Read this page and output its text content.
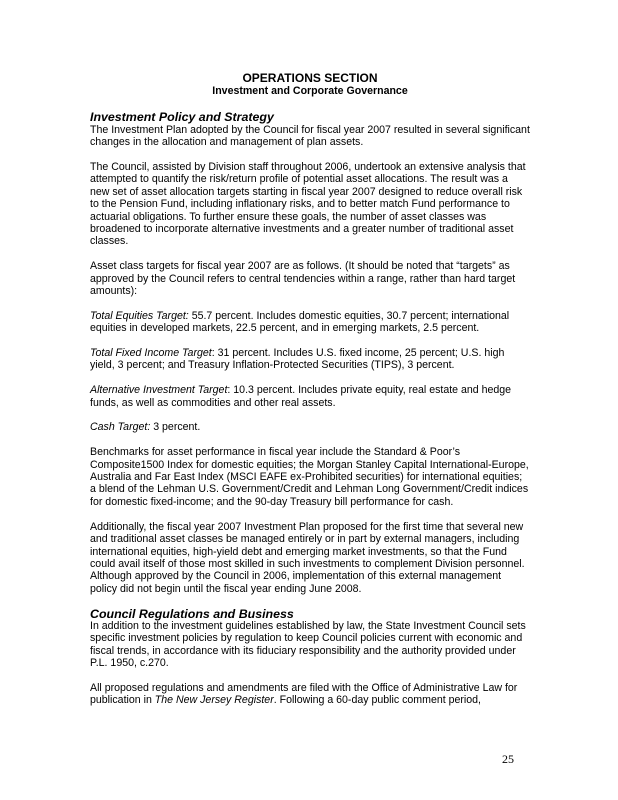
OPERATIONS SECTION
Investment and Corporate Governance
Investment Policy and Strategy

The Investment Plan adopted by the Council for fiscal year 2007 resulted in several significant changes in the allocation and management of plan assets.

The Council, assisted by Division staff throughout 2006, undertook an extensive analysis that attempted to quantify the risk/return profile of potential asset allocations. The result was a new set of asset allocation targets starting in fiscal year 2007 designed to reduce overall risk to the Pension Fund, including inflationary risks, and to better match Fund performance to actuarial obligations. To further ensure these goals, the number of asset classes was broadened to incorporate alternative investments and a greater number of traditional asset classes.

Asset class targets for fiscal year 2007 are as follows. (It should be noted that “targets” as approved by the Council refers to central tendencies within a range, rather than hard target amounts):

Total Equities Target: 55.7 percent. Includes domestic equities, 30.7 percent; international equities in developed markets, 22.5 percent, and in emerging markets, 2.5 percent.

Total Fixed Income Target: 31 percent. Includes U.S. fixed income, 25 percent; U.S. high yield, 3 percent; and Treasury Inflation-Protected Securities (TIPS), 3 percent.

Alternative Investment Target: 10.3 percent. Includes private equity, real estate and hedge funds, as well as commodities and other real assets.

Cash Target: 3 percent.

Benchmarks for asset performance in fiscal year include the Standard & Poor’s Composite1500 Index for domestic equities; the Morgan Stanley Capital International-Europe, Australia and Far East Index (MSCI EAFE ex-Prohibited securities) for international equities; a blend of the Lehman U.S. Government/Credit and Lehman Long Government/Credit indices for domestic fixed-income; and the 90-day Treasury bill performance for cash.

Additionally, the fiscal year 2007 Investment Plan proposed for the first time that several new and traditional asset classes be managed entirely or in part by external managers, including international equities, high-yield debt and emerging market investments, so that the Fund could avail itself of those most skilled in such investments to complement Division personnel. Although approved by the Council in 2006, implementation of this external management policy did not begin until the fiscal year ending June 2008.

Council Regulations and Business

In addition to the investment guidelines established by law, the State Investment Council sets specific investment policies by regulation to keep Council policies current with economic and fiscal trends, in accordance with its fiduciary responsibility and the authority provided under P.L. 1950, c.270.

All proposed regulations and amendments are filed with the Office of Administrative Law for publication in The New Jersey Register. Following a 60-day public comment period,

25
